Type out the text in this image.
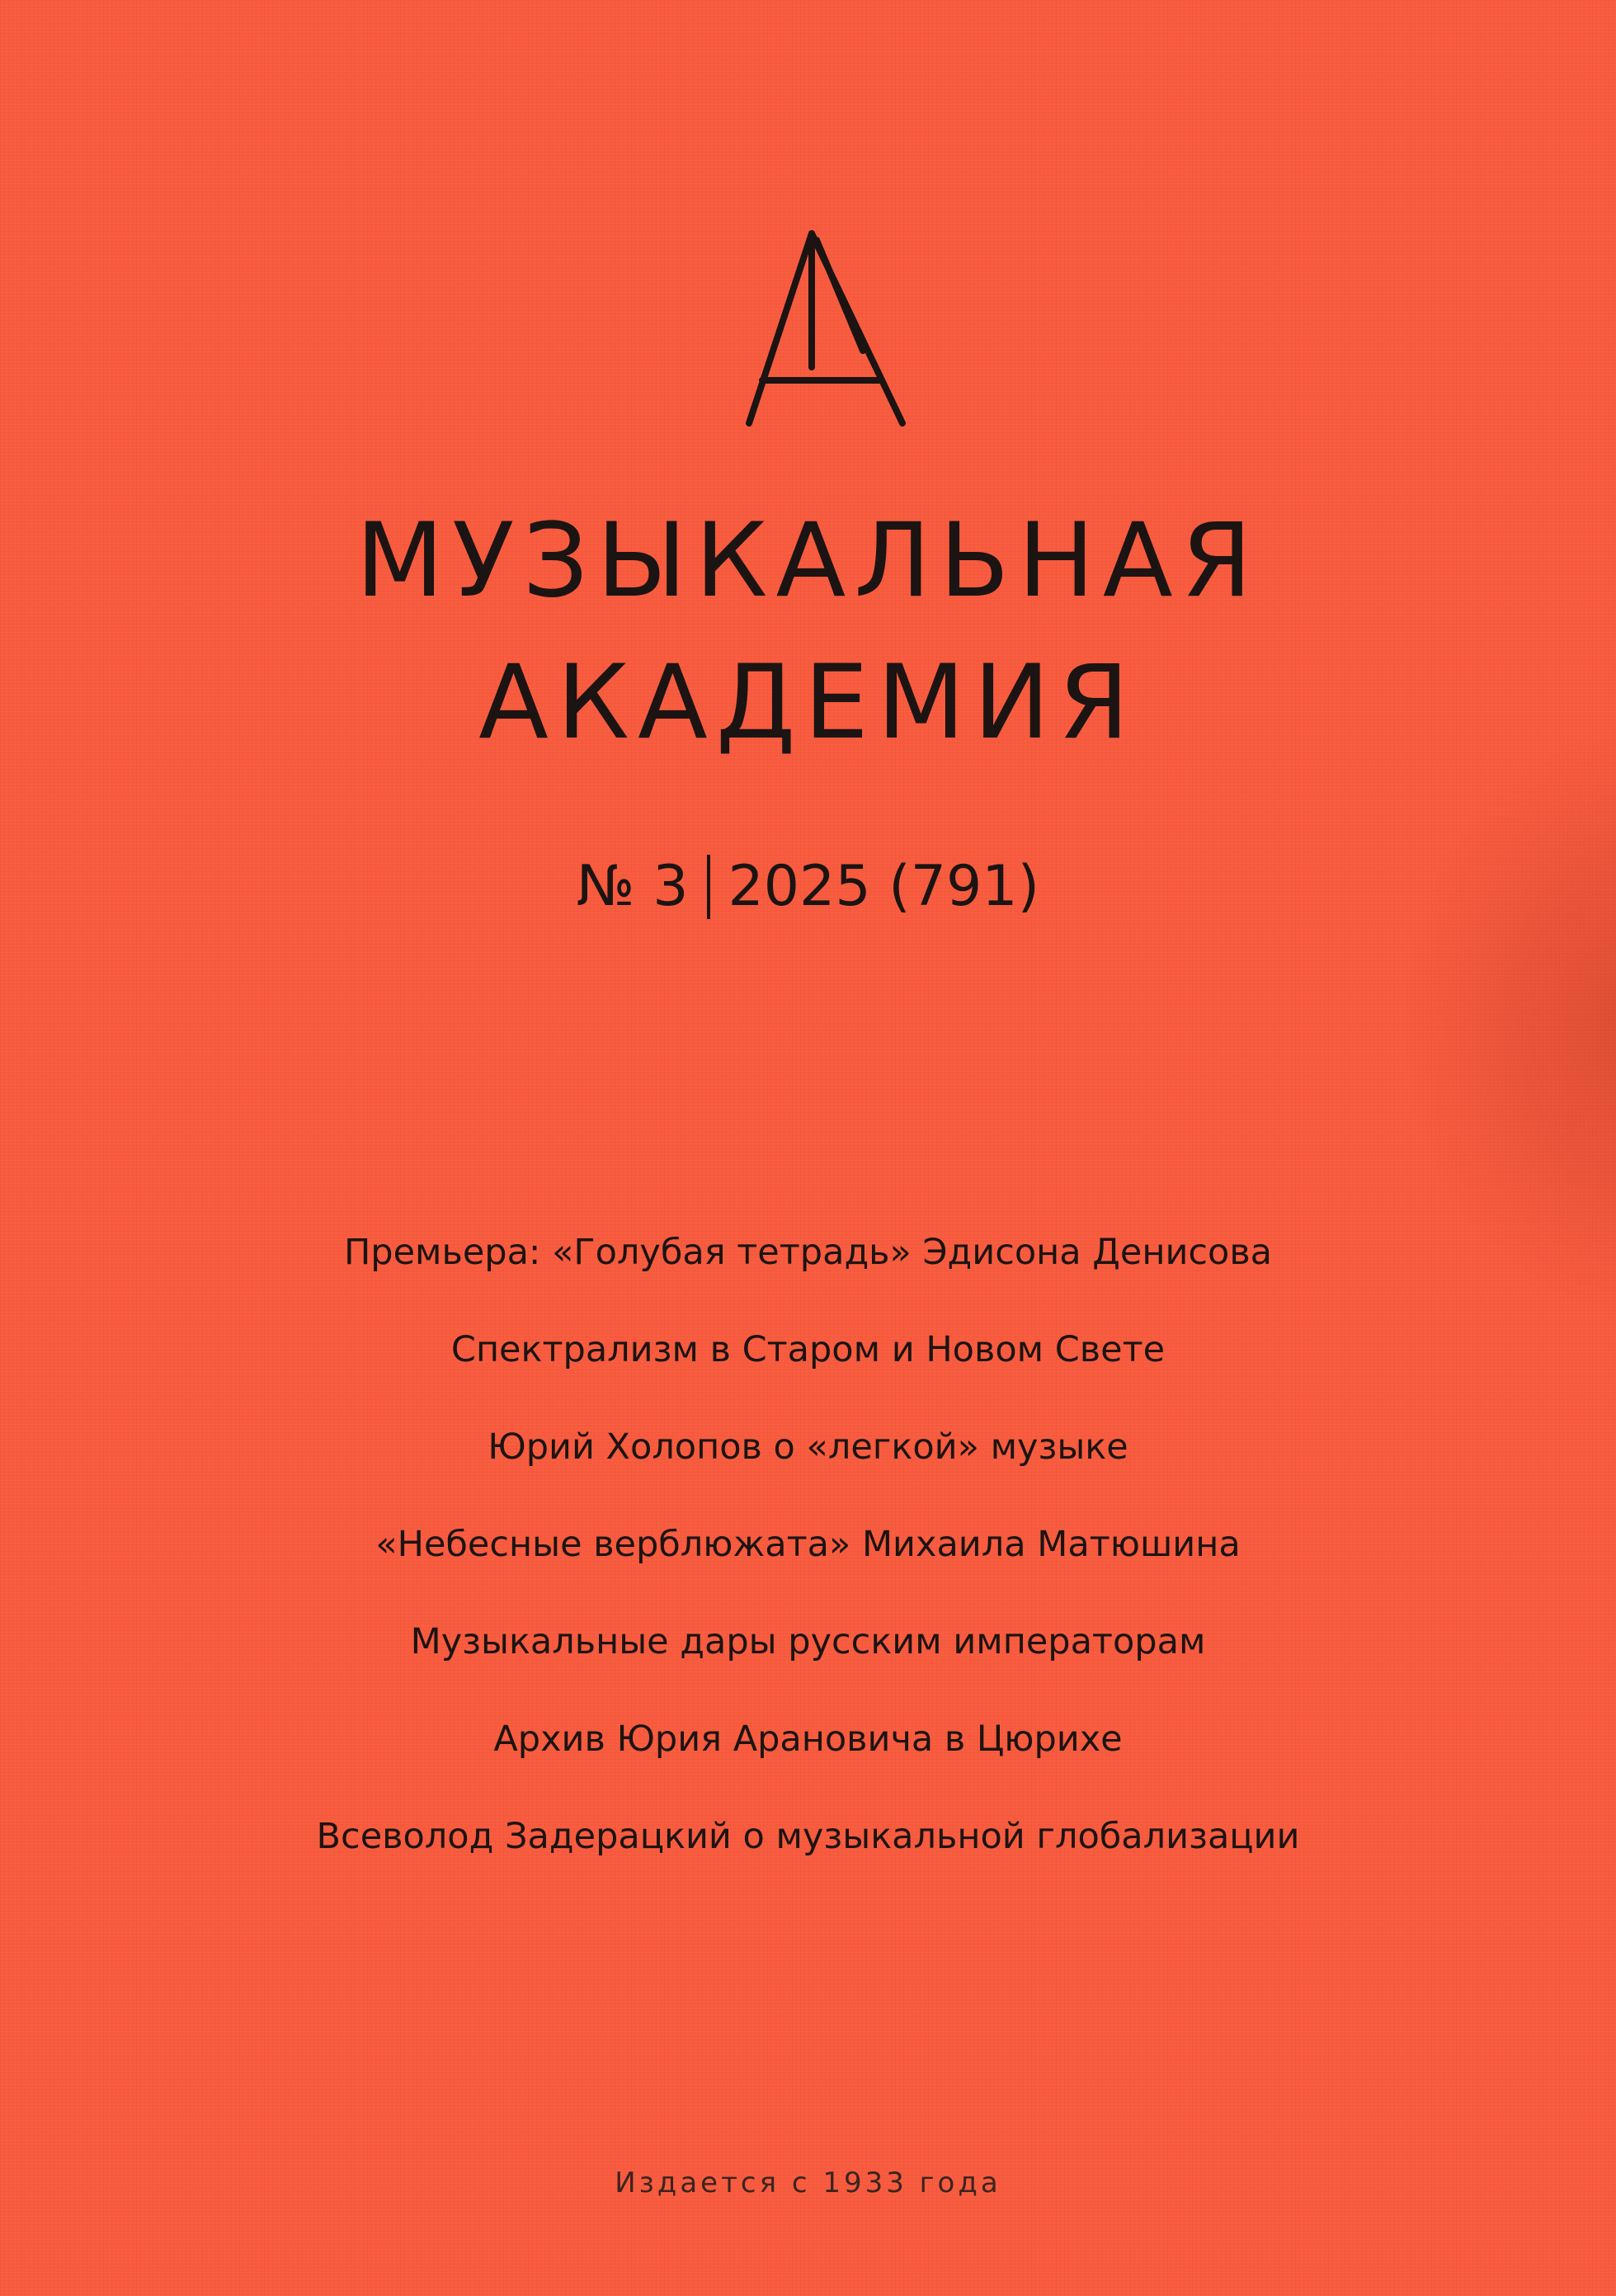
МУЗЫКАЛЬНАЯ
АКАДЕМИЯ
№ 3 2025 (791)
Премьера: «Голубая тетрадь» Эдисона Денисова
Спектрализм в Старом и Новом Свете
Юрий Холопов о «легкой» музыке
«Небесные верблюжата» Михаила Матюшина
Музыкальные дары русским императорам
Архив Юрия Арановича в Цюрихе
Всеволод Задерацкий о музыкальной глобализации
Издается с 1933 года
